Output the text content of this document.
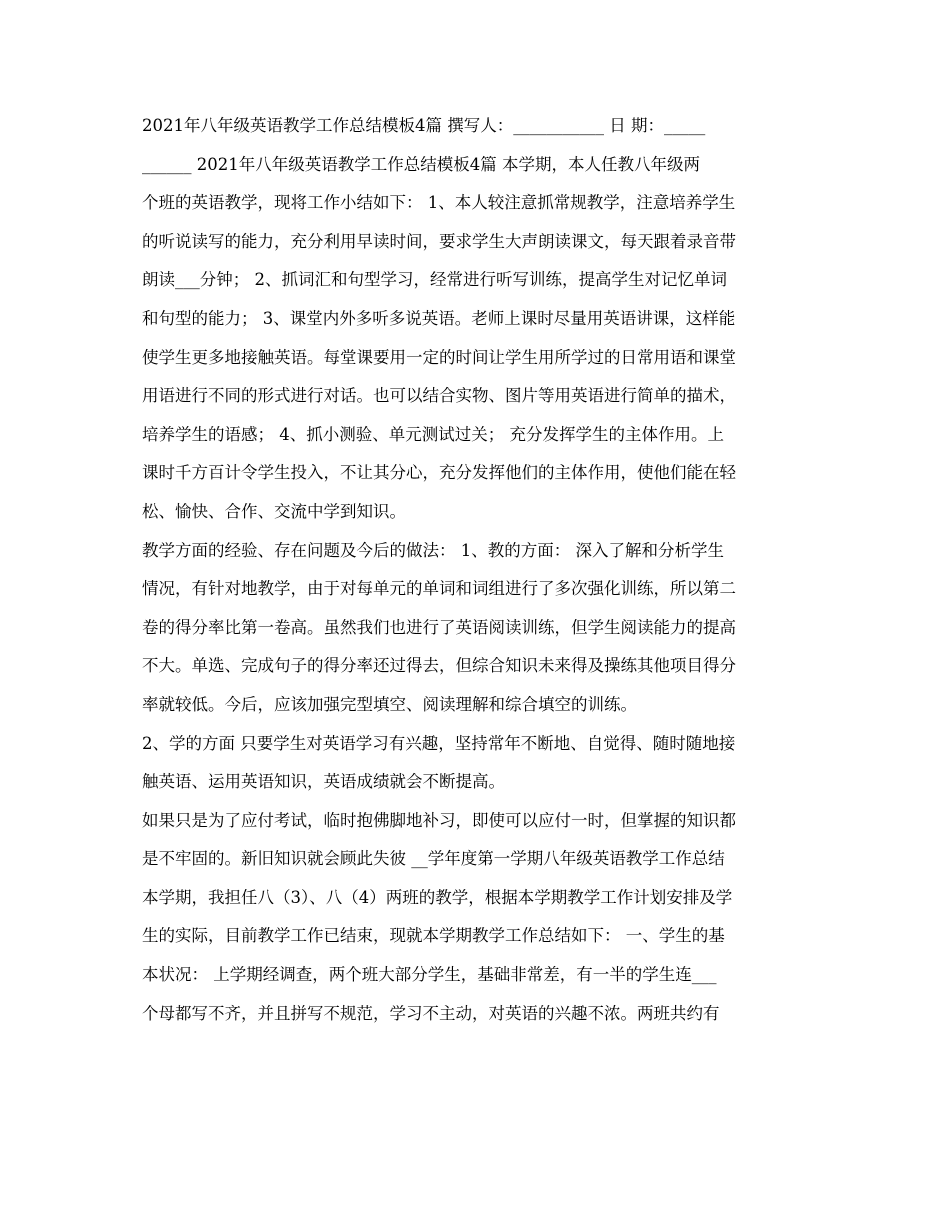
2021年八年级英语教学工作总结模板4篇 撰写人：___________ 日 期：_____
______ 2021年八年级英语教学工作总结模板4篇 本学期，本人任教八年级两
个班的英语教学，现将工作小结如下： 1、本人较注意抓常规教学，注意培养学生
的听说读写的能力，充分利用早读时间，要求学生大声朗读课文，每天跟着录音带
朗读___分钟； 2、抓词汇和句型学习，经常进行听写训练，提高学生对记忆单词
和句型的能力； 3、课堂内外多听多说英语。老师上课时尽量用英语讲课，这样能
使学生更多地接触英语。每堂课要用一定的时间让学生用所学过的日常用语和课堂
用语进行不同的形式进行对话。也可以结合实物、图片等用英语进行简单的描术，
培养学生的语感； 4、抓小测验、单元测试过关； 充分发挥学生的主体作用。上
课时千方百计令学生投入，不让其分心，充分发挥他们的主体作用，使他们能在轻
松、愉快、合作、交流中学到知识。
教学方面的经验、存在问题及今后的做法： 1、教的方面： 深入了解和分析学生
情况，有针对地教学，由于对每单元的单词和词组进行了多次强化训练，所以第二
卷的得分率比第一卷高。虽然我们也进行了英语阅读训练，但学生阅读能力的提高
不大。单选、完成句子的得分率还过得去，但综合知识未来得及操练其他项目得分
率就较低。今后，应该加强完型填空、阅读理解和综合填空的训练。
2、学的方面 只要学生对英语学习有兴趣，坚持常年不断地、自觉得、随时随地接
触英语、运用英语知识，英语成绩就会不断提高。
如果只是为了应付考试，临时抱佛脚地补习，即使可以应付一时，但掌握的知识都
是不牢固的。新旧知识就会顾此失彼 __学年度第一学期八年级英语教学工作总结
本学期，我担任八（3）、八（4）两班的教学，根据本学期教学工作计划安排及学
生的实际，目前教学工作已结束，现就本学期教学工作总结如下： 一、学生的基
本状况： 上学期经调查，两个班大部分学生，基础非常差，有一半的学生连___
个母都写不齐，并且拼写不规范，学习不主动，对英语的兴趣不浓。两班共约有
